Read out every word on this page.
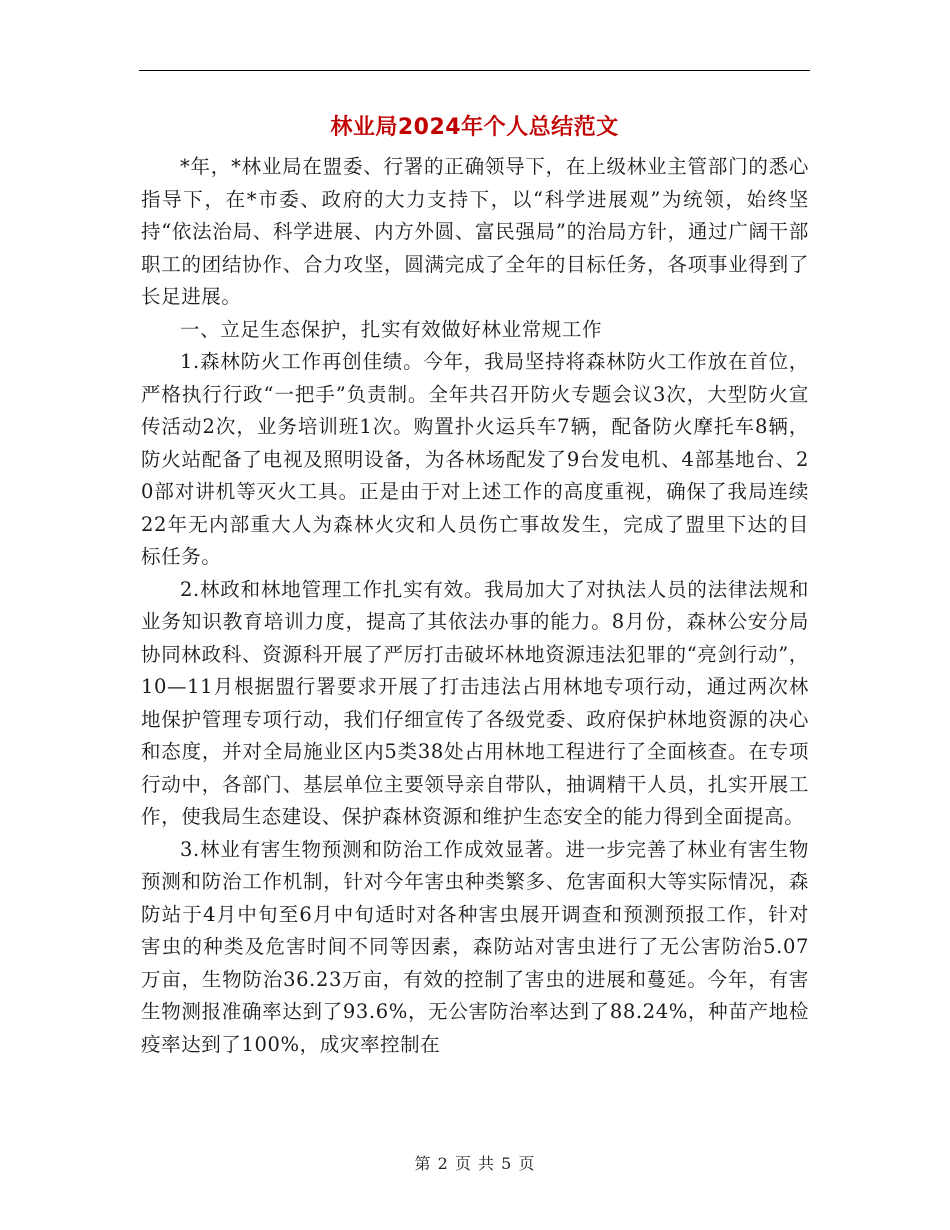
林业局2024年个人总结范文

*年，*林业局在盟委、行署的正确领导下，在上级林业主管部门的悉心指导下，在*市委、政府的大力支持下，以“科学进展观”为统领，始终坚持“依法治局、科学进展、内方外圆、富民强局”的治局方针，通过广阔干部职工的团结协作、合力攻坚，圆满完成了全年的目标任务，各项事业得到了长足进展。

一、立足生态保护，扎实有效做好林业常规工作

1.森林防火工作再创佳绩。今年，我局坚持将森林防火工作放在首位，严格执行行政“一把手”负责制。全年共召开防火专题会议3次，大型防火宣传活动2次，业务培训班1次。购置扑火运兵车7辆，配备防火摩托车8辆，防火站配备了电视及照明设备，为各林场配发了9台发电机、4部基地台、20部对讲机等灭火工具。正是由于对上述工作的高度重视，确保了我局连续22年无内部重大人为森林火灾和人员伤亡事故发生，完成了盟里下达的目标任务。

2.林政和林地管理工作扎实有效。我局加大了对执法人员的法律法规和业务知识教育培训力度，提高了其依法办事的能力。8月份，森林公安分局协同林政科、资源科开展了严厉打击破坏林地资源违法犯罪的“亮剑行动”，10—11月根据盟行署要求开展了打击违法占用林地专项行动，通过两次林地保护管理专项行动，我们仔细宣传了各级党委、政府保护林地资源的决心和态度，并对全局施业区内5类38处占用林地工程进行了全面核查。在专项行动中，各部门、基层单位主要领导亲自带队，抽调精干人员，扎实开展工作，使我局生态建设、保护森林资源和维护生态安全的能力得到全面提高。

3.林业有害生物预测和防治工作成效显著。进一步完善了林业有害生物预测和防治工作机制，针对今年害虫种类繁多、危害面积大等实际情况，森防站于4月中旬至6月中旬适时对各种害虫展开调查和预测预报工作，针对害虫的种类及危害时间不同等因素，森防站对害虫进行了无公害防治5.07万亩，生物防治36.23万亩，有效的控制了害虫的进展和蔓延。今年，有害生物测报准确率达到了93.6%，无公害防治率达到了88.24%，种苗产地检疫率达到了100%，成灾率控制在

第 2 页 共 5 页
